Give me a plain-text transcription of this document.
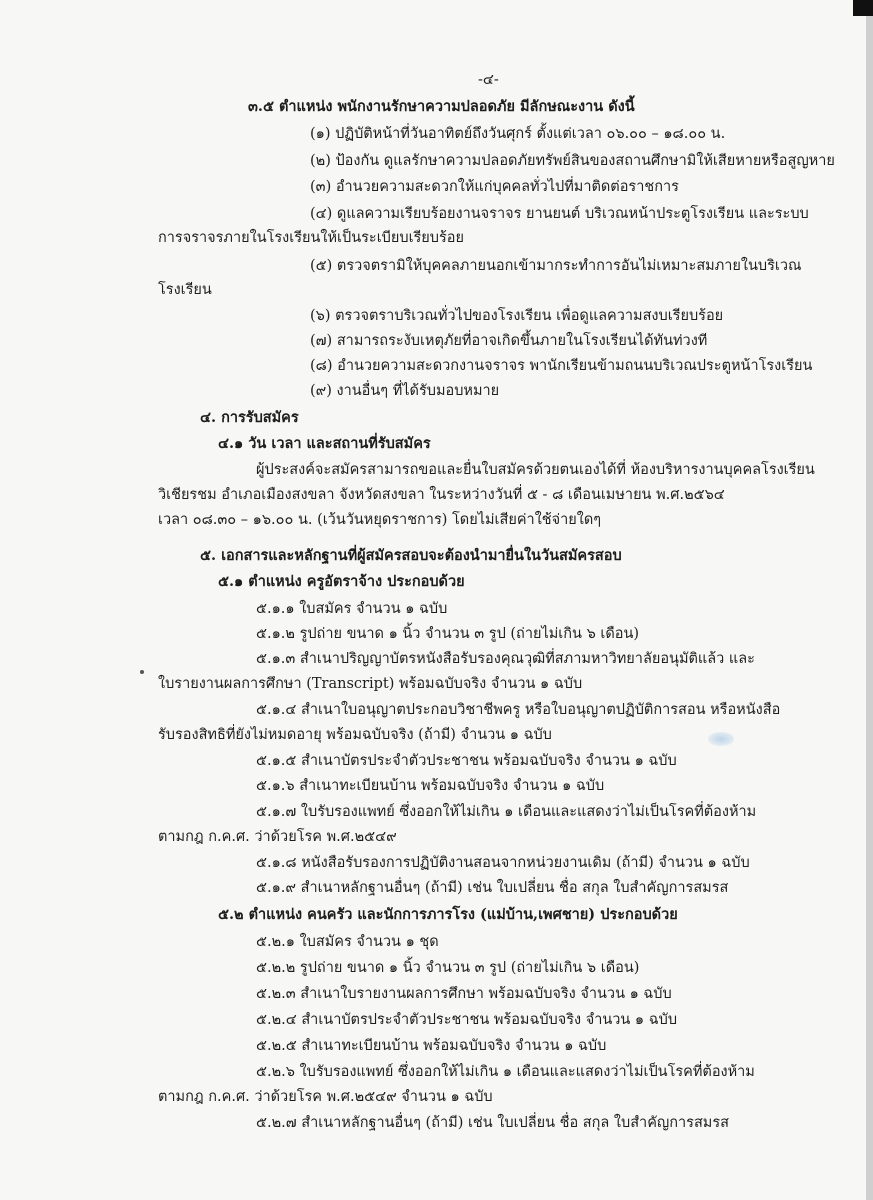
-๔-
๓.๕ ตำแหน่ง พนักงานรักษาความปลอดภัย มีลักษณะงาน ดังนี้
(๑) ปฏิบัติหน้าที่วันอาทิตย์ถึงวันศุกร์ ตั้งแต่เวลา ๐๖.๐๐ – ๑๘.๐๐ น.
(๒) ป้องกัน ดูแลรักษาความปลอดภัยทรัพย์สินของสถานศึกษามิให้เสียหายหรือสูญหาย
(๓) อำนวยความสะดวกให้แก่บุคคลทั่วไปที่มาติดต่อราชการ
(๔) ดูแลความเรียบร้อยงานจราจร ยานยนต์ บริเวณหน้าประตูโรงเรียน และระบบ
การจราจรภายในโรงเรียนให้เป็นระเบียบเรียบร้อย
(๕) ตรวจตรามิให้บุคคลภายนอกเข้ามากระทำการอันไม่เหมาะสมภายในบริเวณ
โรงเรียน
(๖) ตรวจตราบริเวณทั่วไปของโรงเรียน เพื่อดูแลความสงบเรียบร้อย
(๗) สามารถระงับเหตุภัยที่อาจเกิดขึ้นภายในโรงเรียนได้ทันท่วงที
(๘) อำนวยความสะดวกงานจราจร พานักเรียนข้ามถนนบริเวณประตูหน้าโรงเรียน
(๙) งานอื่นๆ ที่ได้รับมอบหมาย
๔. การรับสมัคร
๔.๑ วัน เวลา และสถานที่รับสมัคร
ผู้ประสงค์จะสมัครสามารถขอและยื่นใบสมัครด้วยตนเองได้ที่ ห้องบริหารงานบุคคลโรงเรียน
วิเชียรชม อำเภอเมืองสงขลา จังหวัดสงขลา ในระหว่างวันที่ ๕ - ๘ เดือนเมษายน พ.ศ.๒๕๖๔
เวลา ๐๘.๓๐ – ๑๖.๐๐ น. (เว้นวันหยุดราชการ) โดยไม่เสียค่าใช้จ่ายใดๆ
๕. เอกสารและหลักฐานที่ผู้สมัครสอบจะต้องนำมายื่นในวันสมัครสอบ
๕.๑ ตำแหน่ง ครูอัตราจ้าง ประกอบด้วย
๕.๑.๑ ใบสมัคร จำนวน ๑ ฉบับ
๕.๑.๒ รูปถ่าย ขนาด ๑ นิ้ว จำนวน ๓ รูป (ถ่ายไม่เกิน ๖ เดือน)
๕.๑.๓ สำเนาปริญญาบัตรหนังสือรับรองคุณวุฒิที่สภามหาวิทยาลัยอนุมัติแล้ว และ
ใบรายงานผลการศึกษา (Transcript) พร้อมฉบับจริง จำนวน ๑ ฉบับ
๕.๑.๔ สำเนาใบอนุญาตประกอบวิชาชีพครู หรือใบอนุญาตปฏิบัติการสอน หรือหนังสือ
รับรองสิทธิที่ยังไม่หมดอายุ พร้อมฉบับจริง (ถ้ามี) จำนวน ๑ ฉบับ
๕.๑.๕ สำเนาบัตรประจำตัวประชาชน พร้อมฉบับจริง จำนวน ๑ ฉบับ
๕.๑.๖ สำเนาทะเบียนบ้าน พร้อมฉบับจริง จำนวน ๑ ฉบับ
๕.๑.๗ ใบรับรองแพทย์ ซึ่งออกให้ไม่เกิน ๑ เดือนและแสดงว่าไม่เป็นโรคที่ต้องห้าม
ตามกฎ ก.ค.ศ. ว่าด้วยโรค พ.ศ.๒๕๔๙
๕.๑.๘ หนังสือรับรองการปฏิบัติงานสอนจากหน่วยงานเดิม (ถ้ามี) จำนวน ๑ ฉบับ
๕.๑.๙ สำเนาหลักฐานอื่นๆ (ถ้ามี) เช่น ใบเปลี่ยน ชื่อ สกุล ใบสำคัญการสมรส
๕.๒ ตำแหน่ง คนครัว และนักการภารโรง (แม่บ้าน,เพศชาย) ประกอบด้วย
๕.๒.๑ ใบสมัคร จำนวน ๑ ชุด
๕.๒.๒ รูปถ่าย ขนาด ๑ นิ้ว จำนวน ๓ รูป (ถ่ายไม่เกิน ๖ เดือน)
๕.๒.๓ สำเนาใบรายงานผลการศึกษา พร้อมฉบับจริง จำนวน ๑ ฉบับ
๕.๒.๔ สำเนาบัตรประจำตัวประชาชน พร้อมฉบับจริง จำนวน ๑ ฉบับ
๕.๒.๕ สำเนาทะเบียนบ้าน พร้อมฉบับจริง จำนวน ๑ ฉบับ
๕.๒.๖ ใบรับรองแพทย์ ซึ่งออกให้ไม่เกิน ๑ เดือนและแสดงว่าไม่เป็นโรคที่ต้องห้าม
ตามกฎ ก.ค.ศ. ว่าด้วยโรค พ.ศ.๒๕๔๙ จำนวน ๑ ฉบับ
๕.๒.๗ สำเนาหลักฐานอื่นๆ (ถ้ามี) เช่น ใบเปลี่ยน ชื่อ สกุล ใบสำคัญการสมรส
